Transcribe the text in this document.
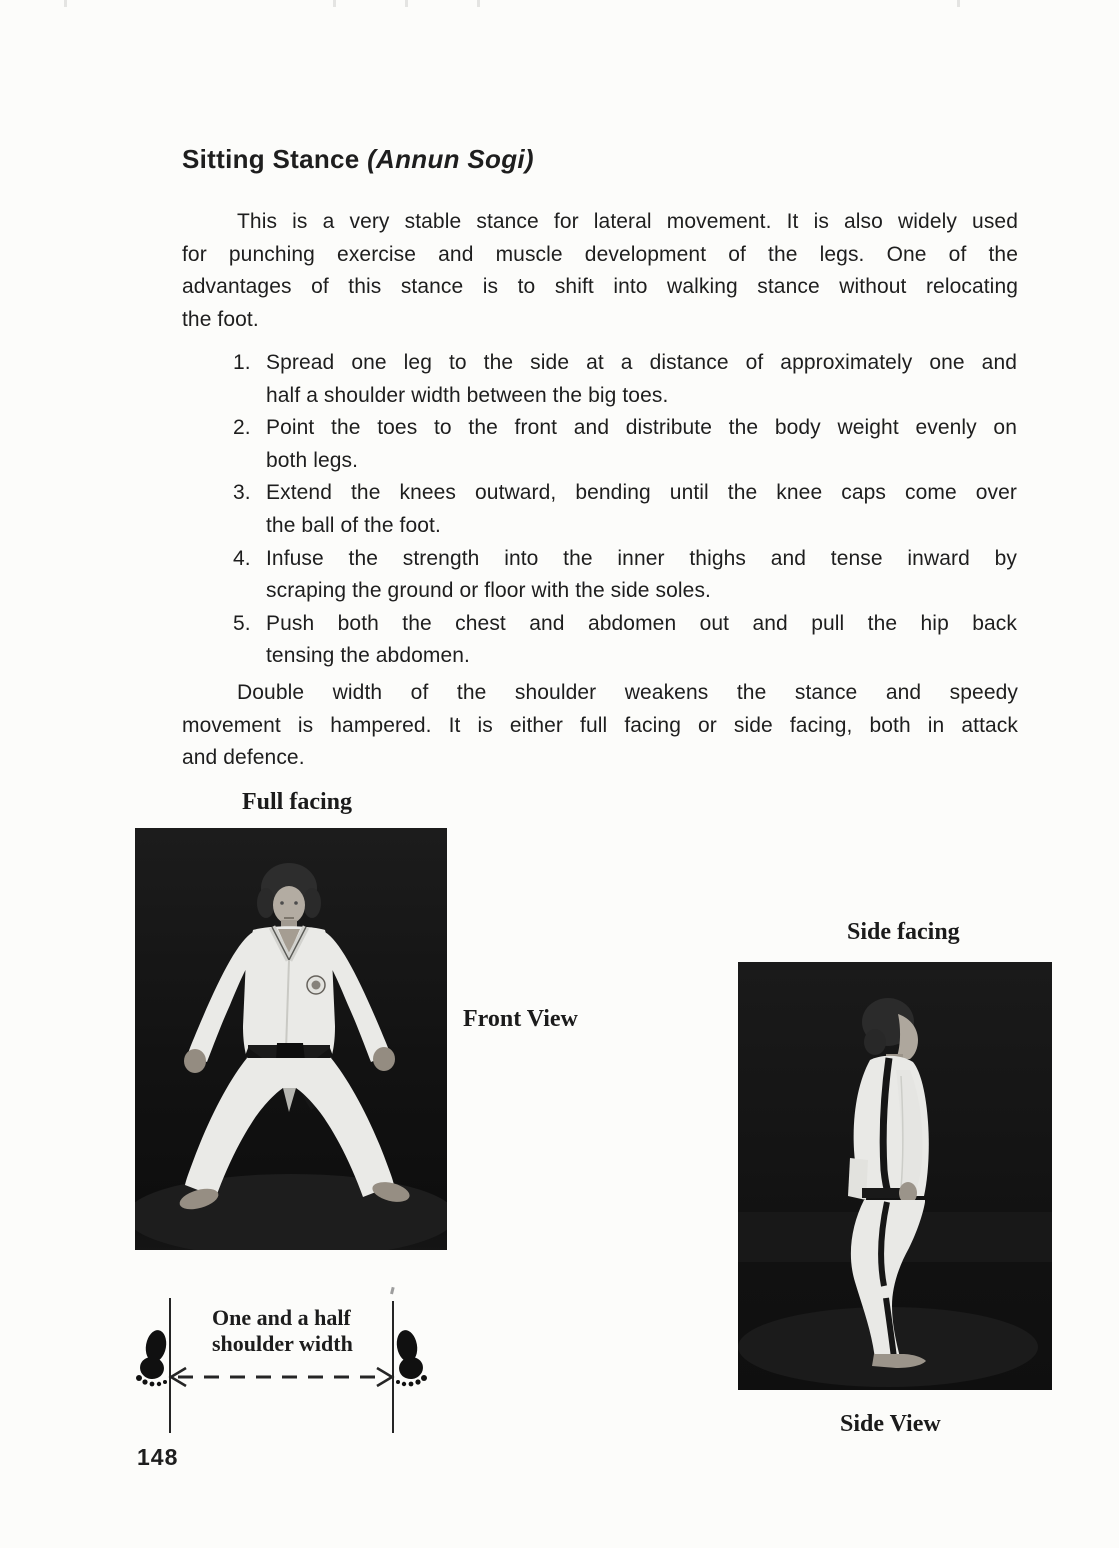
Sitting Stance (Annun Sogi)
This is a very stable stance for lateral movement. It is also widely used
for punching exercise and muscle development of the legs. One of the
advantages of this stance is to shift into walking stance without relocating
the foot.
1. Spread one leg to the side at a distance of approximately one and
half a shoulder width between the big toes.
2. Point the toes to the front and distribute the body weight evenly on
both legs.
3. Extend the knees outward, bending until the knee caps come over
the ball of the foot.
4. Infuse the strength into the inner thighs and tense inward by
scraping the ground or floor with the side soles.
5. Push both the chest and abdomen out and pull the hip back
tensing the abdomen.
Double width of the shoulder weakens the stance and speedy
movement is hampered. It is either full facing or side facing, both in attack
and defence.
Full facing
Front View
Side facing
Side View
One and a half
shoulder width
148
